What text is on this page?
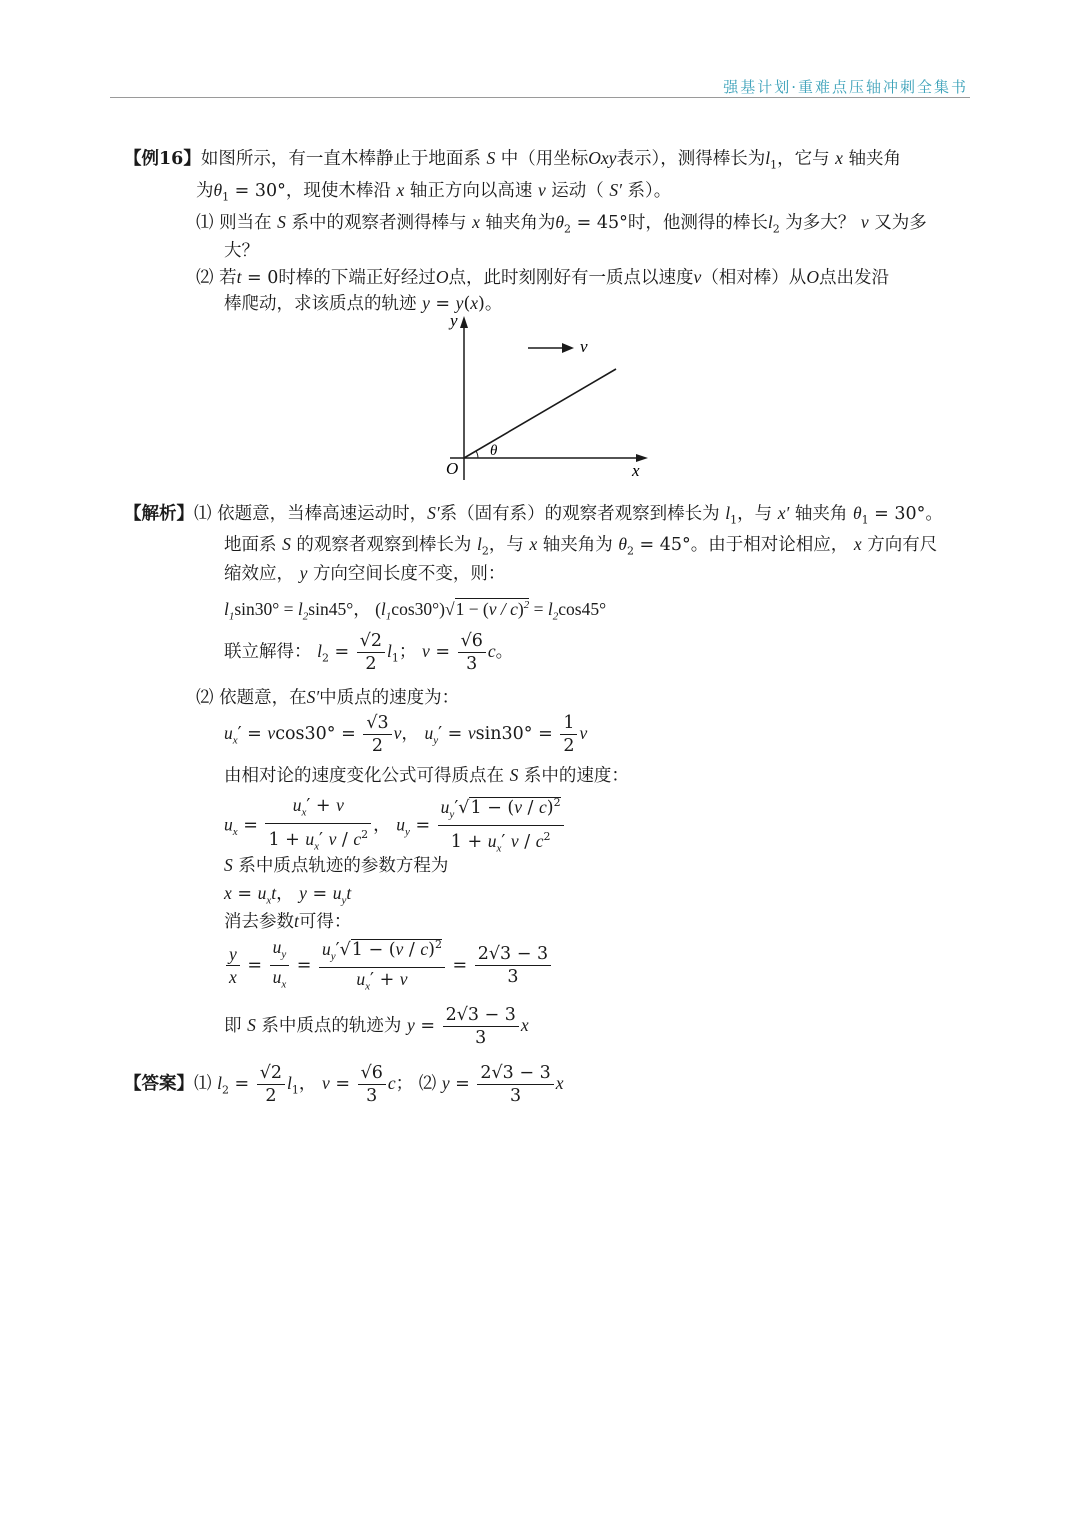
强基计划·重难点压轴冲刺全集书
【例16】如图所示，有一直木棒静止于地面系 S 中（用坐标Oxy表示），测得棒长为$l_1$，它与 x 轴夹角
为$\theta_1 = 30^\circ$，现使木棒沿 x 轴正方向以高速 v 运动（ S′ 系）。
⑴ 则当在 S 系中的观察者测得棒与 x 轴夹角为$\theta_2 = 45^\circ$时，他测得的棒长$l_2$ 为多大？ v 又为多
大？
⑵ 若t = 0时棒的下端正好经过O点，此时刻刚好有一质点以速度v（相对棒）从O点出发沿
棒爬动，求该质点的轨迹 y = y(x)。
y
x
O
θ
v
【解析】⑴ 依题意，当棒高速运动时，S′系（固有系）的观察者观察到棒长为 $l_1$，与 x′ 轴夹角 $\theta_1 = 30^\circ$。
地面系 S 的观察者观察到棒长为 $l_2$，与 x 轴夹角为 $\theta_2 = 45^\circ$。由于相对论相应， x 方向有尺
缩效应， y 方向空间长度不变，则：
$l_1\sin 30^\circ = l_2\sin 45^\circ$， $(l_1\cos 30^\circ)√1 - (v / c)^2 = l_2\cos 45^\circ$
联立解得： $l_2 = \frac{√2}{2} l_1$； $v = \frac{√6}{3}$ c。
⑵ 依题意，在S′中质点的速度为：
$u_x' = vcos30^\circ = \frac{√3}{2}$ v， $u_y' = vsin30^\circ = \frac{1}{2}$ v
由相对论的速度变化公式可得质点在 S 系中的速度：
$u_x = \frac{u_x' + v}{1 + u_x' v / c^2}$ ， $u_y = \frac{u_y'√1 - (v / c)^2}{1 + u_x' v / c^2}$
S 系中质点轨迹的参数方程为
$x = u_xt$， $y = u_yt$
消去参数t可得：
$\frac{y}{x} = \frac{u_y}{u_x} = \frac{u_y'√1 - (v / c)^2}{u_x' + v} = \frac{2√3 - 3}{3}$
即 S 系中质点的轨迹为 $y = \frac{2√3 - 3}{3}$ x
【答案】⑴ $l_2 = \frac{√2}{2} l_1$， $v = \frac{√6}{3}$ c； ⑵ $y = \frac{2√3 - 3}{3}$ x
